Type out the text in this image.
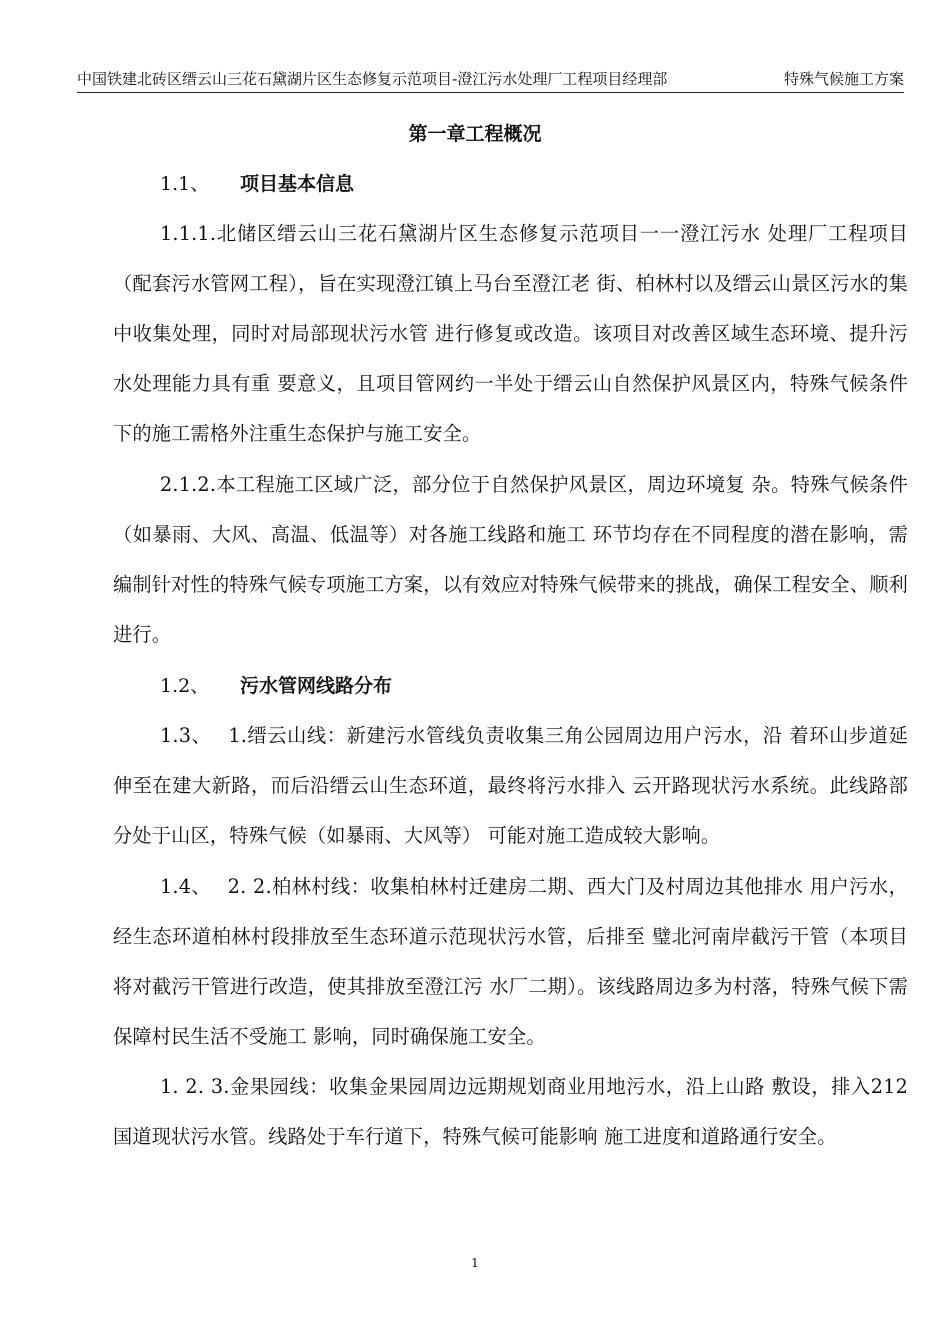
中国铁建北砖区缙云山三花石黛湖片区生态修复示范项目-澄江污水处理厂工程项目经理部	特殊气候施工方案
第一章工程概况
1.1、 项目基本信息
1.1.1.北储区缙云山三花石黛湖片区生态修复示范项目一一澄江污水 处理厂工程项目（配套污水管网工程），旨在实现澄江镇上马台至澄江老 街、柏林村以及缙云山景区污水的集中收集处理，同时对局部现状污水管 进行修复或改造。该项目对改善区域生态环境、提升污水处理能力具有重 要意义，且项目管网约一半处于缙云山自然保护风景区内，特殊气候条件 下的施工需格外注重生态保护与施工安全。
2.1.2.本工程施工区域广泛，部分位于自然保护风景区，周边环境复 杂。特殊气候条件（如暴雨、大风、高温、低温等）对各施工线路和施工 环节均存在不同程度的潜在影响，需编制针对性的特殊气候专项施工方案，以有效应对特殊气候带来的挑战，确保工程安全、顺利进行。
1.2、 污水管网线路分布
1.3、　 1.缙云山线：新建污水管线负责收集三角公园周边用户污水，沿 着环山步道延伸至在建大新路，而后沿缙云山生态环道，最终将污水排入 云开路现状污水系统。此线路部分处于山区，特殊气候（如暴雨、大风等） 可能对施工造成较大影响。
1.4、　 2. 2.柏林村线：收集柏林村迁建房二期、西大门及村周边其他排水 用户污水，经生态环道柏林村段排放至生态环道示范现状污水管，后排至 璧北河南岸截污干管（本项目将对截污干管进行改造，使其排放至澄江污 水厂二期）。该线路周边多为村落，特殊气候下需保障村民生活不受施工 影响，同时确保施工安全。
1. 2. 3.金果园线：收集金果园周边远期规划商业用地污水，沿上山路 敷设，排入212国道现状污水管。线路处于车行道下，特殊气候可能影响 施工进度和道路通行安全。
1
